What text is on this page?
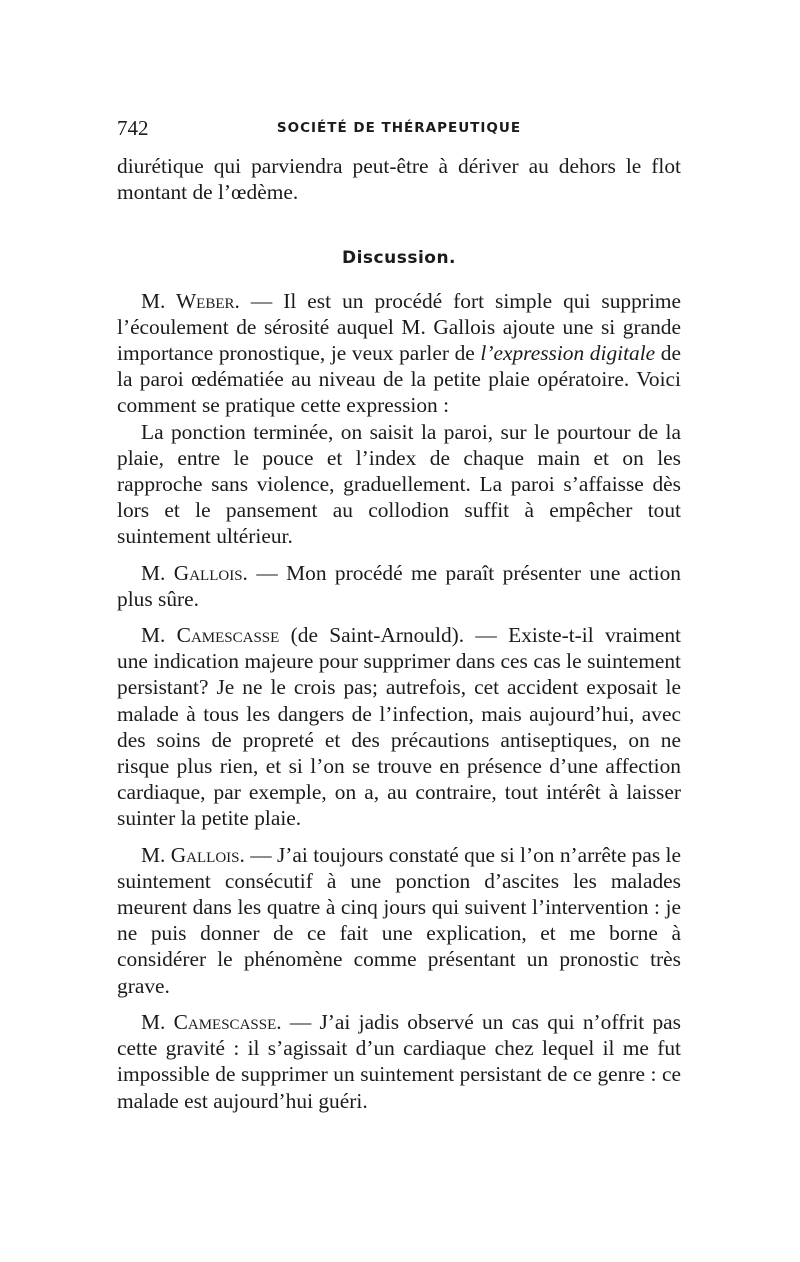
742	SOCIÉTÉ DE THÉRAPEUTIQUE

diurétique qui parviendra peut-être à dériver au dehors le flot montant de l’œdème.

Discussion.

M. Weber. — Il est un procédé fort simple qui supprime l’écoulement de sérosité auquel M. Gallois ajoute une si grande importance pronostique, je veux parler de l’expression digitale de la paroi œdématiée au niveau de la petite plaie opératoire. Voici comment se pratique cette expression :

La ponction terminée, on saisit la paroi, sur le pourtour de la plaie, entre le pouce et l’index de chaque main et on les rapproche sans violence, graduellement. La paroi s’affaisse dès lors et le pansement au collodion suffit à empêcher tout suintement ultérieur.

M. Gallois. — Mon procédé me paraît présenter une action plus sûre.

M. Camescasse (de Saint-Arnould). — Existe-t-il vraiment une indication majeure pour supprimer dans ces cas le suintement persistant? Je ne le crois pas; autrefois, cet accident exposait le malade à tous les dangers de l’infection, mais aujourd’hui, avec des soins de propreté et des précautions antiseptiques, on ne risque plus rien, et si l’on se trouve en présence d’une affection cardiaque, par exemple, on a, au contraire, tout intérêt à laisser suinter la petite plaie.

M. Gallois. — J’ai toujours constaté que si l’on n’arrête pas le suintement consécutif à une ponction d’ascites les malades meurent dans les quatre à cinq jours qui suivent l’intervention : je ne puis donner de ce fait une explication, et me borne à considérer le phénomène comme présentant un pronostic très grave.

M. Camescasse. — J’ai jadis observé un cas qui n’offrit pas cette gravité : il s’agissait d’un cardiaque chez lequel il me fut impossible de supprimer un suintement persistant de ce genre : ce malade est aujourd’hui guéri.
